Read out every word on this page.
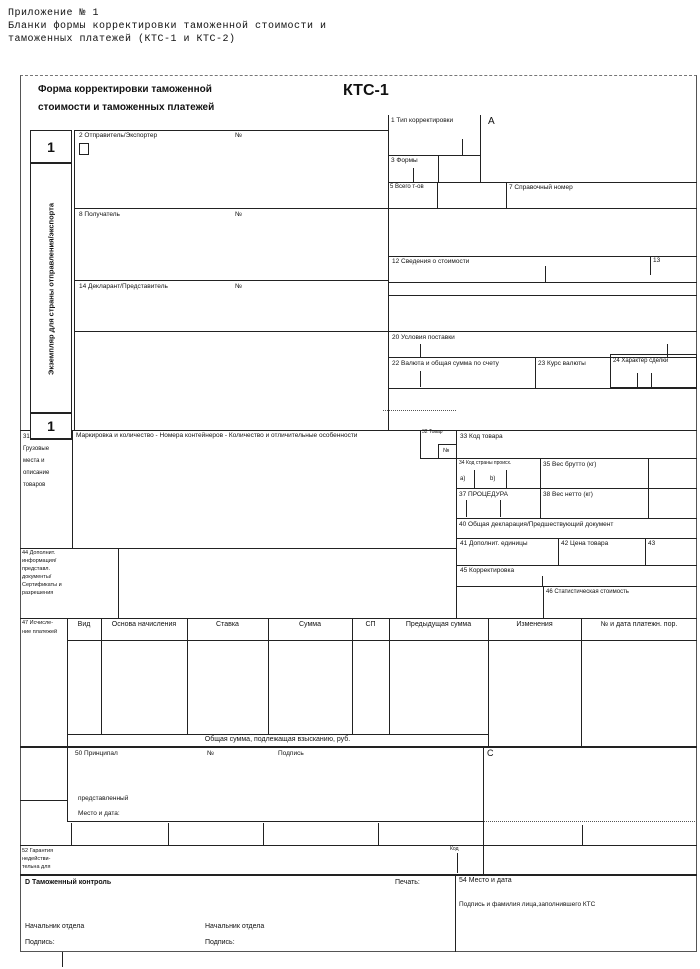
Приложение № 1
Бланки формы корректировки таможенной стоимости и
таможенных платежей (КТС-1 и КТС-2)
Форма корректировки таможенной
стоимости и таможенных платежей
КТС-1
1
Экземпляр для страны отправления/экспорта
1
1 Тип корректировки	А
3 Формы
5 Всего т-ов	7 Справочный номер
2 Отправитель/Экспортер	№
8 Получатель	№
14 Декларант/Представитель	№
12 Сведения о стоимости	13
20 Условия поставки
22 Валюта и общая сумма по счету	23 Курс валюты	24 Характер сделки
31
Грузовые
места и
описание
товаров
Маркировка и количество - Номера контейнеров - Количество и отличительные особенности	32 Товар
№
33 Код товара
34 Код страны происх.
a)	b)
35 Вес брутто (кг)
37 ПРОЦЕДУРА	38 Вес нетто (кг)
40 Общая декларация/Предшествующий документ
41 Дополнит. единицы	42 Цена товара	43
45 Корректировка
46 Статистическая стоимость
44 Дополнит.
информация/
представл.
документы/
Сертификаты и
разрешения
47 Исчисле-
ние платежей
Вид	Основа начисления	Ставка	Сумма	СП	Предыдущая сумма	Изменения	№ и дата платежн. пор.
Общая сумма, подлежащая взысканию, руб.
50 Принципал	№	Подпись	С
представленный
Место и дата:
52 Гарантия
недействи-
тельна для
Код
D Таможенный контроль	Печать:	54 Место и дата
Подпись и фамилия лица,заполнившего КТС
Начальник отдела	Начальник отдела
Подпись:	Подпись:
